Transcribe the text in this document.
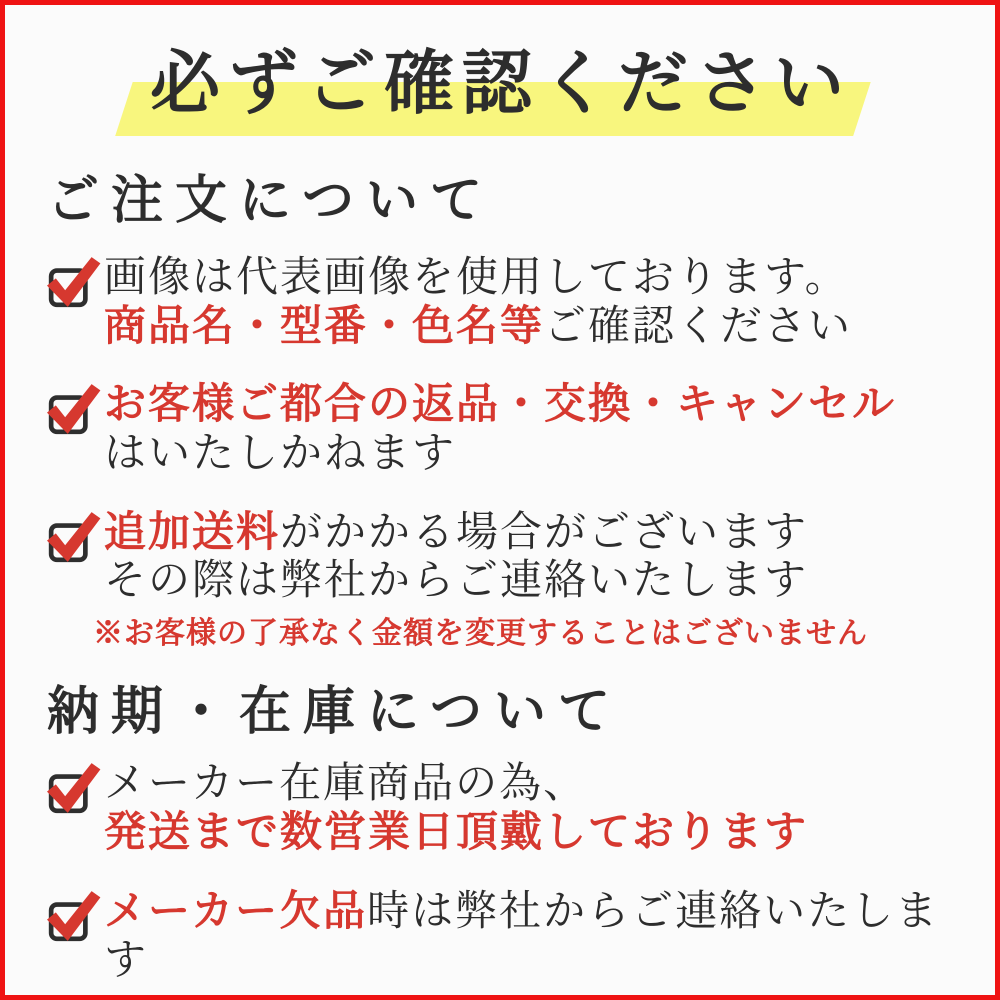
必ずご確認ください
ご注文について

画像は代表画像を使用しております。
商品名・型番・色名等ご確認ください

お客様ご都合の返品・交換・キャンセル
はいたしかねます

追加送料がかかる場合がございます
その際は弊社からご連絡いたします

※お客様の了承なく金額を変更することはございません

納期・在庫について

メーカー在庫商品の為、
発送まで数営業日頂戴しております

メーカー欠品時は弊社からご連絡いたします
